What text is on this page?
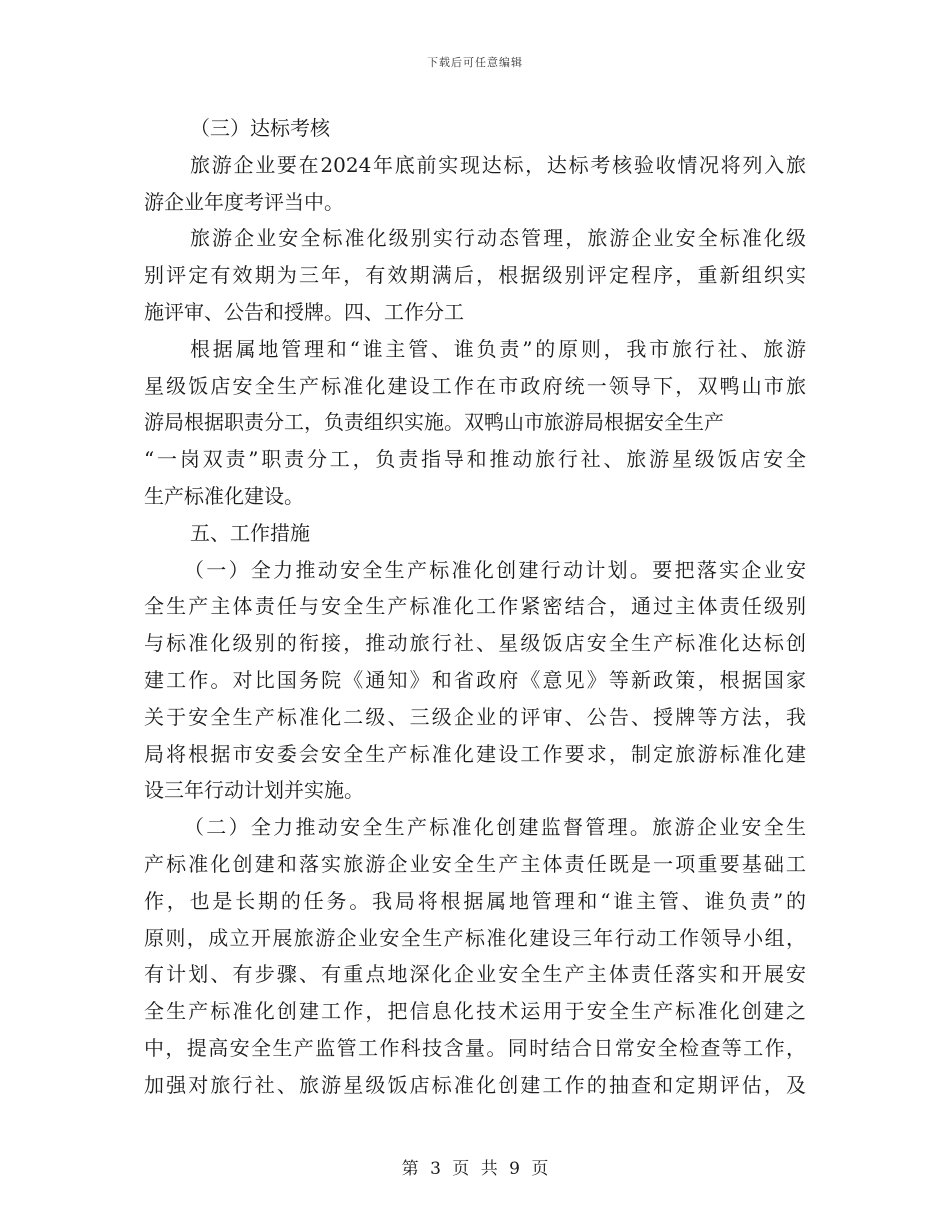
下载后可任意编辑
（三）达标考核
旅游企业要在2024年底前实现达标，达标考核验收情况将列入旅
游企业年度考评当中。
旅游企业安全标准化级别实行动态管理，旅游企业安全标准化级
别评定有效期为三年，有效期满后，根据级别评定程序，重新组织实
施评审、公告和授牌。四、工作分工
根据属地管理和“谁主管、谁负责”的原则，我市旅行社、旅游
星级饭店安全生产标准化建设工作在市政府统一领导下，双鸭山市旅
游局根据职责分工，负责组织实施。双鸭山市旅游局根据安全生产
“一岗双责”职责分工，负责指导和推动旅行社、旅游星级饭店安全
生产标准化建设。
五、工作措施
（一）全力推动安全生产标准化创建行动计划。要把落实企业安
全生产主体责任与安全生产标准化工作紧密结合，通过主体责任级别
与标准化级别的衔接，推动旅行社、星级饭店安全生产标准化达标创
建工作。对比国务院《通知》和省政府《意见》等新政策，根据国家
关于安全生产标准化二级、三级企业的评审、公告、授牌等方法，我
局将根据市安委会安全生产标准化建设工作要求，制定旅游标准化建
设三年行动计划并实施。
（二）全力推动安全生产标准化创建监督管理。旅游企业安全生
产标准化创建和落实旅游企业安全生产主体责任既是一项重要基础工
作，也是长期的任务。我局将根据属地管理和“谁主管、谁负责”的
原则，成立开展旅游企业安全生产标准化建设三年行动工作领导小组，
有计划、有步骤、有重点地深化企业安全生产主体责任落实和开展安
全生产标准化创建工作，把信息化技术运用于安全生产标准化创建之
中，提高安全生产监管工作科技含量。同时结合日常安全检查等工作，
加强对旅行社、旅游星级饭店标准化创建工作的抽查和定期评估，及
第 3 页 共 9 页
